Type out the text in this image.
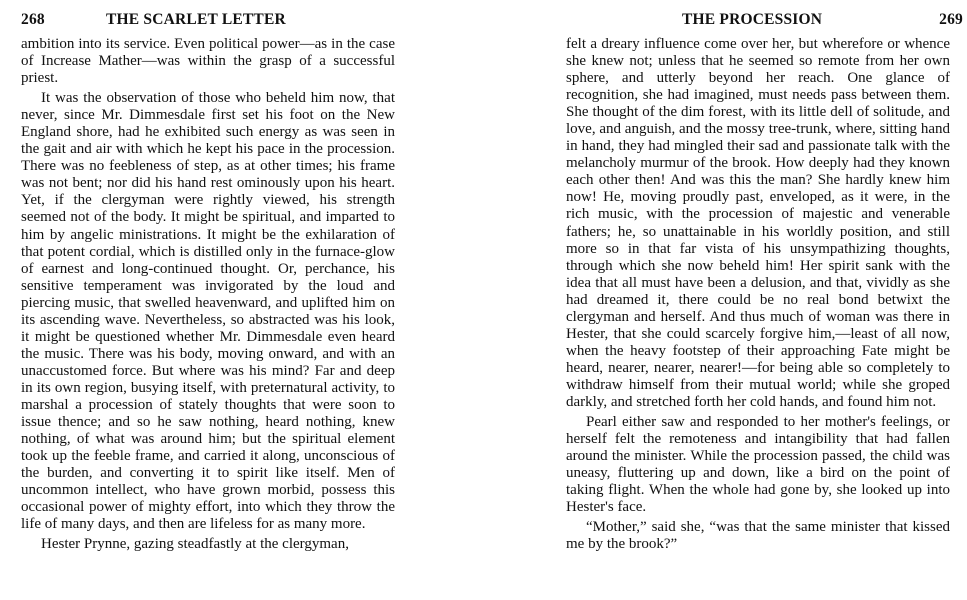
268	THE SCARLET LETTER

ambition into its service. Even political power—as in the case of Increase Mather—was within the grasp of a successful priest.

It was the observation of those who beheld him now, that never, since Mr. Dimmesdale first set his foot on the New England shore, had he exhibited such energy as was seen in the gait and air with which he kept his pace in the procession. There was no feebleness of step, as at other times; his frame was not bent; nor did his hand rest ominously upon his heart. Yet, if the clergyman were rightly viewed, his strength seemed not of the body. It might be spiritual, and imparted to him by angelic ministrations. It might be the exhilaration of that potent cordial, which is distilled only in the furnace-glow of earnest and long-continued thought. Or, perchance, his sensitive temperament was invigorated by the loud and piercing music, that swelled heavenward, and uplifted him on its ascending wave. Nevertheless, so abstracted was his look, it might be questioned whether Mr. Dimmesdale even heard the music. There was his body, moving onward, and with an unaccustomed force. But where was his mind? Far and deep in its own region, busying itself, with preternatural activity, to marshal a procession of stately thoughts that were soon to issue thence; and so he saw nothing, heard nothing, knew nothing, of what was around him; but the spiritual element took up the feeble frame, and carried it along, unconscious of the burden, and converting it to spirit like itself. Men of uncommon intellect, who have grown morbid, possess this occasional power of mighty effort, into which they throw the life of many days, and then are lifeless for as many more.

Hester Prynne, gazing steadfastly at the clergyman,

THE PROCESSION	269

felt a dreary influence come over her, but wherefore or whence she knew not; unless that he seemed so remote from her own sphere, and utterly beyond her reach. One glance of recognition, she had imagined, must needs pass between them. She thought of the dim forest, with its little dell of solitude, and love, and anguish, and the mossy tree-trunk, where, sitting hand in hand, they had mingled their sad and passionate talk with the melancholy murmur of the brook. How deeply had they known each other then! And was this the man? She hardly knew him now! He, moving proudly past, enveloped, as it were, in the rich music, with the procession of majestic and venerable fathers; he, so unattainable in his worldly position, and still more so in that far vista of his unsympathizing thoughts, through which she now beheld him! Her spirit sank with the idea that all must have been a delusion, and that, vividly as she had dreamed it, there could be no real bond betwixt the clergyman and herself. And thus much of woman was there in Hester, that she could scarcely forgive him,—least of all now, when the heavy footstep of their approaching Fate might be heard, nearer, nearer, nearer!—for being able so completely to withdraw himself from their mutual world; while she groped darkly, and stretched forth her cold hands, and found him not.

Pearl either saw and responded to her mother's feelings, or herself felt the remoteness and intangibility that had fallen around the minister. While the procession passed, the child was uneasy, fluttering up and down, like a bird on the point of taking flight. When the whole had gone by, she looked up into Hester's face.

“Mother,” said she, “was that the same minister that kissed me by the brook?”
